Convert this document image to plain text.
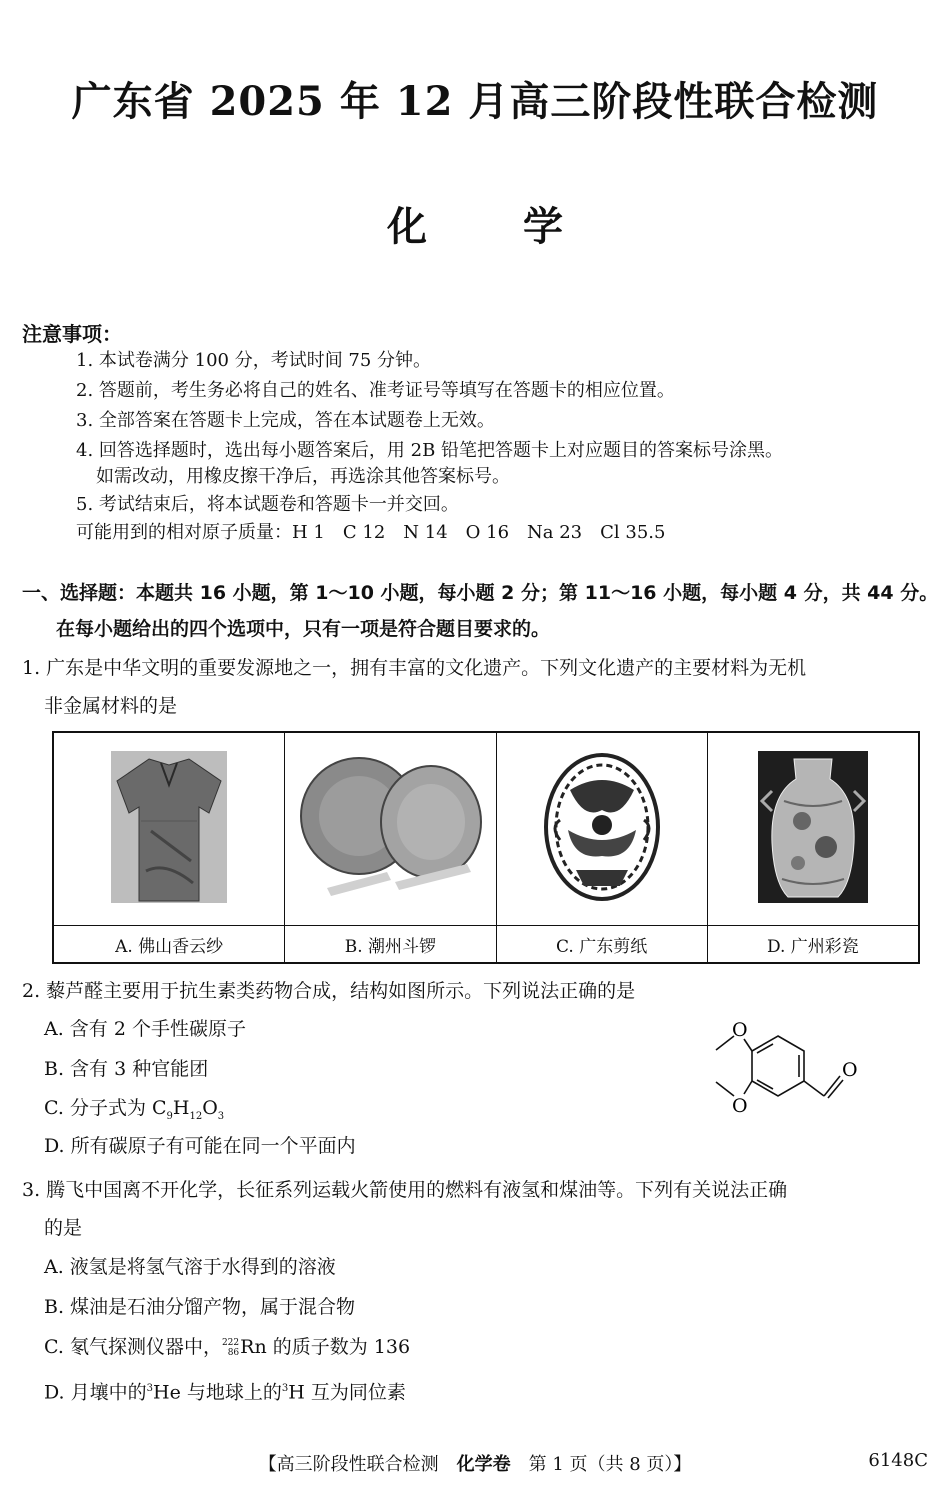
广东省 2025 年 12 月高三阶段性联合检测
化 学
注意事项：
1. 本试卷满分 100 分，考试时间 75 分钟。
2. 答题前，考生务必将自己的姓名、准考证号等填写在答题卡的相应位置。
3. 全部答案在答题卡上完成，答在本试题卷上无效。
4. 回答选择题时，选出每小题答案后，用 2B 铅笔把答题卡上对应题目的答案标号涂黑。
如需改动，用橡皮擦干净后，再选涂其他答案标号。
5. 考试结束后，将本试题卷和答题卡一并交回。
可能用到的相对原子质量：H 1　C 12　N 14　O 16　Na 23　Cl 35.5
一、选择题：本题共 16 小题，第 1～10 小题，每小题 2 分；第 11～16 小题，每小题 4 分，共 44 分。
在每小题给出的四个选项中，只有一项是符合题目要求的。
1. 广东是中华文明的重要发源地之一，拥有丰富的文化遗产。下列文化遗产的主要材料为无机
非金属材料的是

A. 佛山香云纱	B. 潮州斗锣	C. 广东剪纸	D. 广州彩瓷
2. 藜芦醛主要用于抗生素类药物合成，结构如图所示。下列说法正确的是
A. 含有 2 个手性碳原子
B. 含有 3 种官能团
C. 分子式为 $C_9H_{12}O_3$
D. 所有碳原子有可能在同一个平面内
O
O
O
3. 腾飞中国离不开化学，长征系列运载火箭使用的燃料有液氢和煤油等。下列有关说法正确
的是
A. 液氢是将氢气溶于水得到的溶液
B. 煤油是石油分馏产物，属于混合物
C. 氡气探测仪器中， 222
86 Rn 的质子数为 136
D. 月壤中的$^3$He 与地球上的$^3$H 互为同位素
【高三阶段性联合检测　化学卷　第 1 页（共 8 页）】	6148C
